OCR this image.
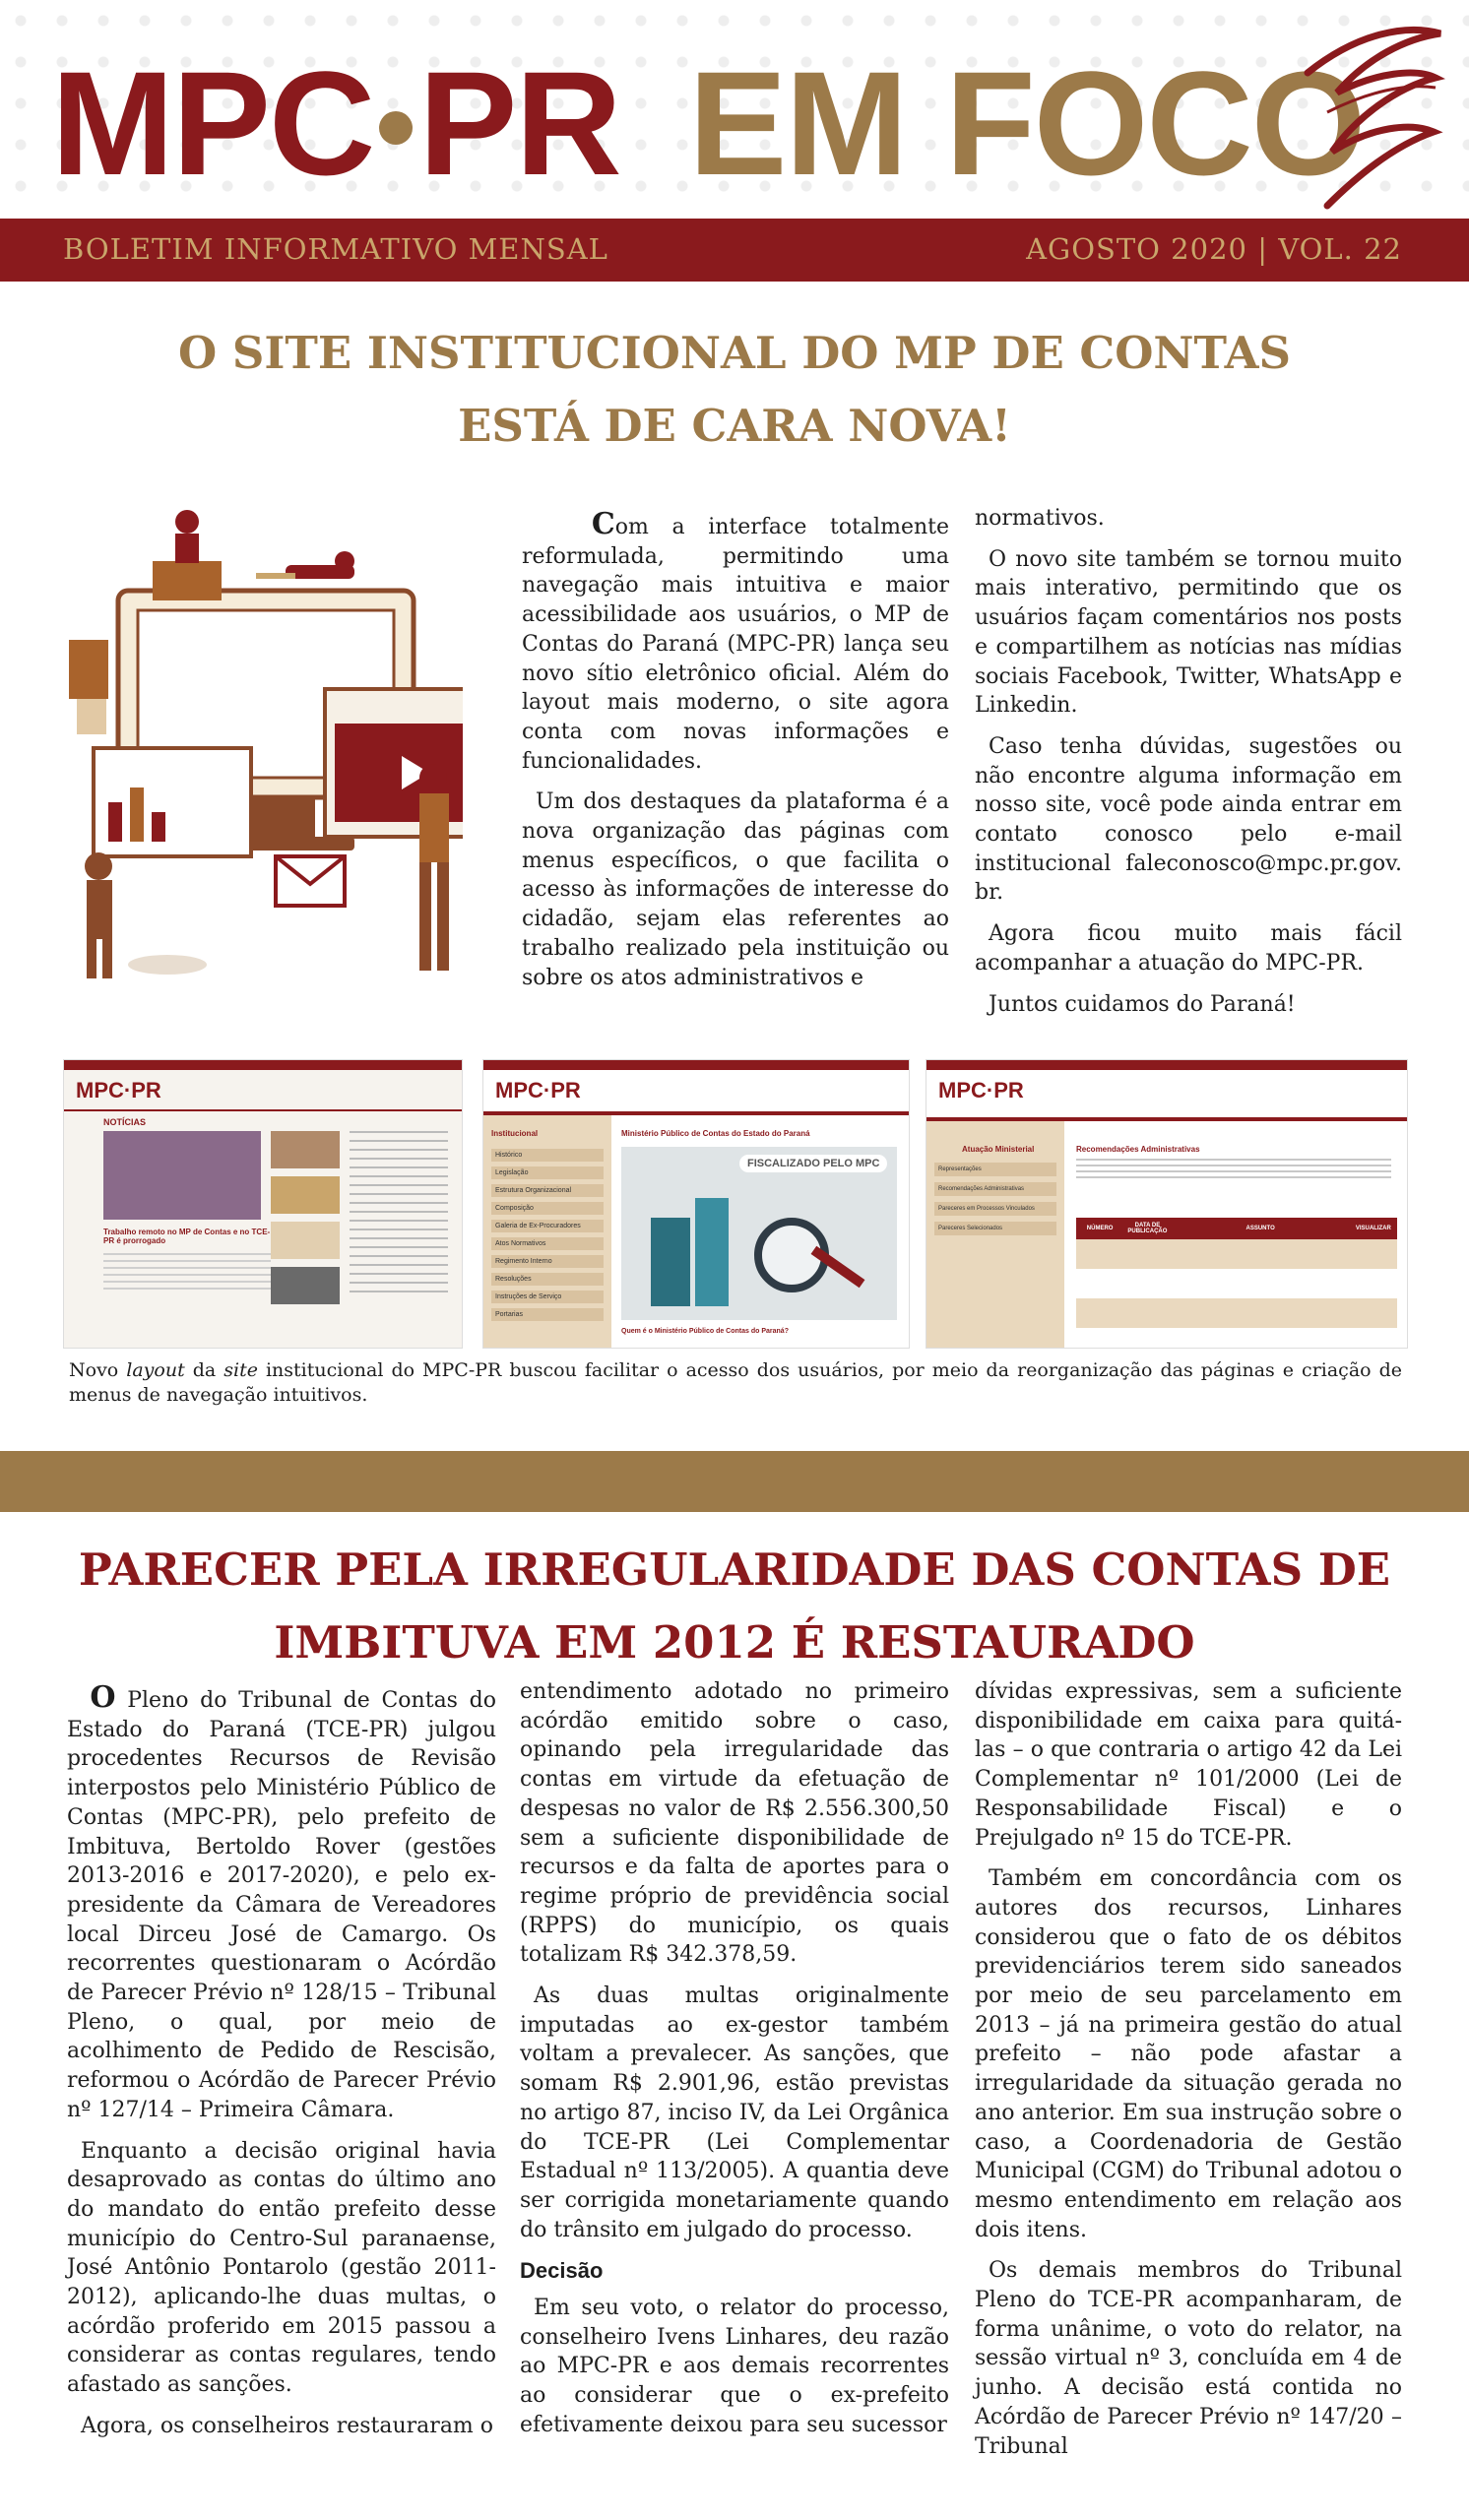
MPC PR EM FOCO
BOLETIM INFORMATIVO MENSAL	AGOSTO 2020 | VOL. 22
O SITE INSTITUCIONAL DO MP DE CONTAS
ESTÁ DE CARA NOVA!

Com a interface totalmente reformulada, permitindo uma navegação mais intuitiva e maior acessibilidade aos usuários, o MP de Contas do Paraná (MPC-PR) lança seu novo sítio eletrônico oficial. Além do layout mais moderno, o site agora conta com novas informações e funcionalidades.

Um dos destaques da plataforma é a nova organização das páginas com menus específicos, o que facilita o acesso às informações de interesse do cidadão, sejam elas referentes ao trabalho realizado pela instituição ou sobre os atos administrativos e

normativos.

O novo site também se tornou muito mais interativo, permitindo que os usuários façam comentários nos posts e compartilhem as notícias nas mídias sociais Facebook, Twitter, WhatsApp e Linkedin.

Caso tenha dúvidas, sugestões ou não encontre alguma informação em nosso site, você pode ainda entrar em contato conosco pelo e-mail institucional faleconosco@mpc.pr.gov. br.

Agora ficou muito mais fácil acompanhar a atuação do MPC-PR.

Juntos cuidamos do Paraná!

MPC·PR
NOTÍCIAS
Trabalho remoto no MP de Contas e no TCE-PR é prorrogado
MPC·PR
Institucional
Histórico
Legislação
Estrutura Organizacional
Composição
Galeria de Ex-Procuradores
Atos Normativos
Regimento Interno
Resoluções
Instruções de Serviço
Portarias
Ministério Público de Contas do Estado do Paraná
FISCALIZADO PELO MPC
Quem é o Ministério Público de Contas do Paraná?
MPC·PR
Atuação Ministerial
Representações
Recomendações Administrativas
Pareceres em Processos Vinculados
Pareceres Selecionados
Recomendações Administrativas
NÚMERO	DATA DE PUBLICAÇÃO	ASSUNTO	VISUALIZAR
Novo layout da site institucional do MPC-PR buscou facilitar o acesso dos usuários, por meio da reorganização das páginas e criação de menus de navegação intuitivos.
PARECER PELA IRREGULARIDADE DAS CONTAS DE
IMBITUVA EM 2012 É RESTAURADO

O Pleno do Tribunal de Contas do Estado do Paraná (TCE-PR) julgou procedentes Recursos de Revisão interpostos pelo Ministério Público de Contas (MPC-PR), pelo prefeito de Imbituva, Bertoldo Rover (gestões 2013-2016 e 2017-2020), e pelo ex-presidente da Câmara de Vereadores local Dirceu José de Camargo. Os recorrentes questionaram o Acórdão de Parecer Prévio nº 128/15 – Tribunal Pleno, o qual, por meio de acolhimento de Pedido de Rescisão, reformou o Acórdão de Parecer Prévio nº 127/14 – Primeira Câmara.

Enquanto a decisão original havia desaprovado as contas do último ano do mandato do então prefeito desse município do Centro-Sul paranaense, José Antônio Pontarolo (gestão 2011-2012), aplicando-lhe duas multas, o acórdão proferido em 2015 passou a considerar as contas regulares, tendo afastado as sanções.

Agora, os conselheiros restauraram o

entendimento adotado no primeiro acórdão emitido sobre o caso, opinando pela irregularidade das contas em virtude da efetuação de despesas no valor de R$ 2.556.300,50 sem a suficiente disponibilidade de recursos e da falta de aportes para o regime próprio de previdência social (RPPS) do município, os quais totalizam R$ 342.378,59.

As duas multas originalmente imputadas ao ex-gestor também voltam a prevalecer. As sanções, que somam R$ 2.901,96, estão previstas no artigo 87, inciso IV, da Lei Orgânica do TCE-PR (Lei Complementar Estadual nº 113/2005). A quantia deve ser corrigida monetariamente quando do trânsito em julgado do processo.

Decisão

Em seu voto, o relator do processo, conselheiro Ivens Linhares, deu razão ao MPC-PR e aos demais recorrentes ao considerar que o ex-prefeito efetivamente deixou para seu sucessor

dívidas expressivas, sem a suficiente disponibilidade em caixa para quitá-las – o que contraria o artigo 42 da Lei Complementar nº 101/2000 (Lei de Responsabilidade Fiscal) e o Prejulgado nº 15 do TCE-PR.

Também em concordância com os autores dos recursos, Linhares considerou que o fato de os débitos previdenciários terem sido saneados por meio de seu parcelamento em 2013 – já na primeira gestão do atual prefeito – não pode afastar a irregularidade da situação gerada no ano anterior. Em sua instrução sobre o caso, a Coordenadoria de Gestão Municipal (CGM) do Tribunal adotou o mesmo entendimento em relação aos dois itens.

Os demais membros do Tribunal Pleno do TCE-PR acompanharam, de forma unânime, o voto do relator, na sessão virtual nº 3, concluída em 4 de junho. A decisão está contida no Acórdão de Parecer Prévio nº 147/20 – Tribunal
